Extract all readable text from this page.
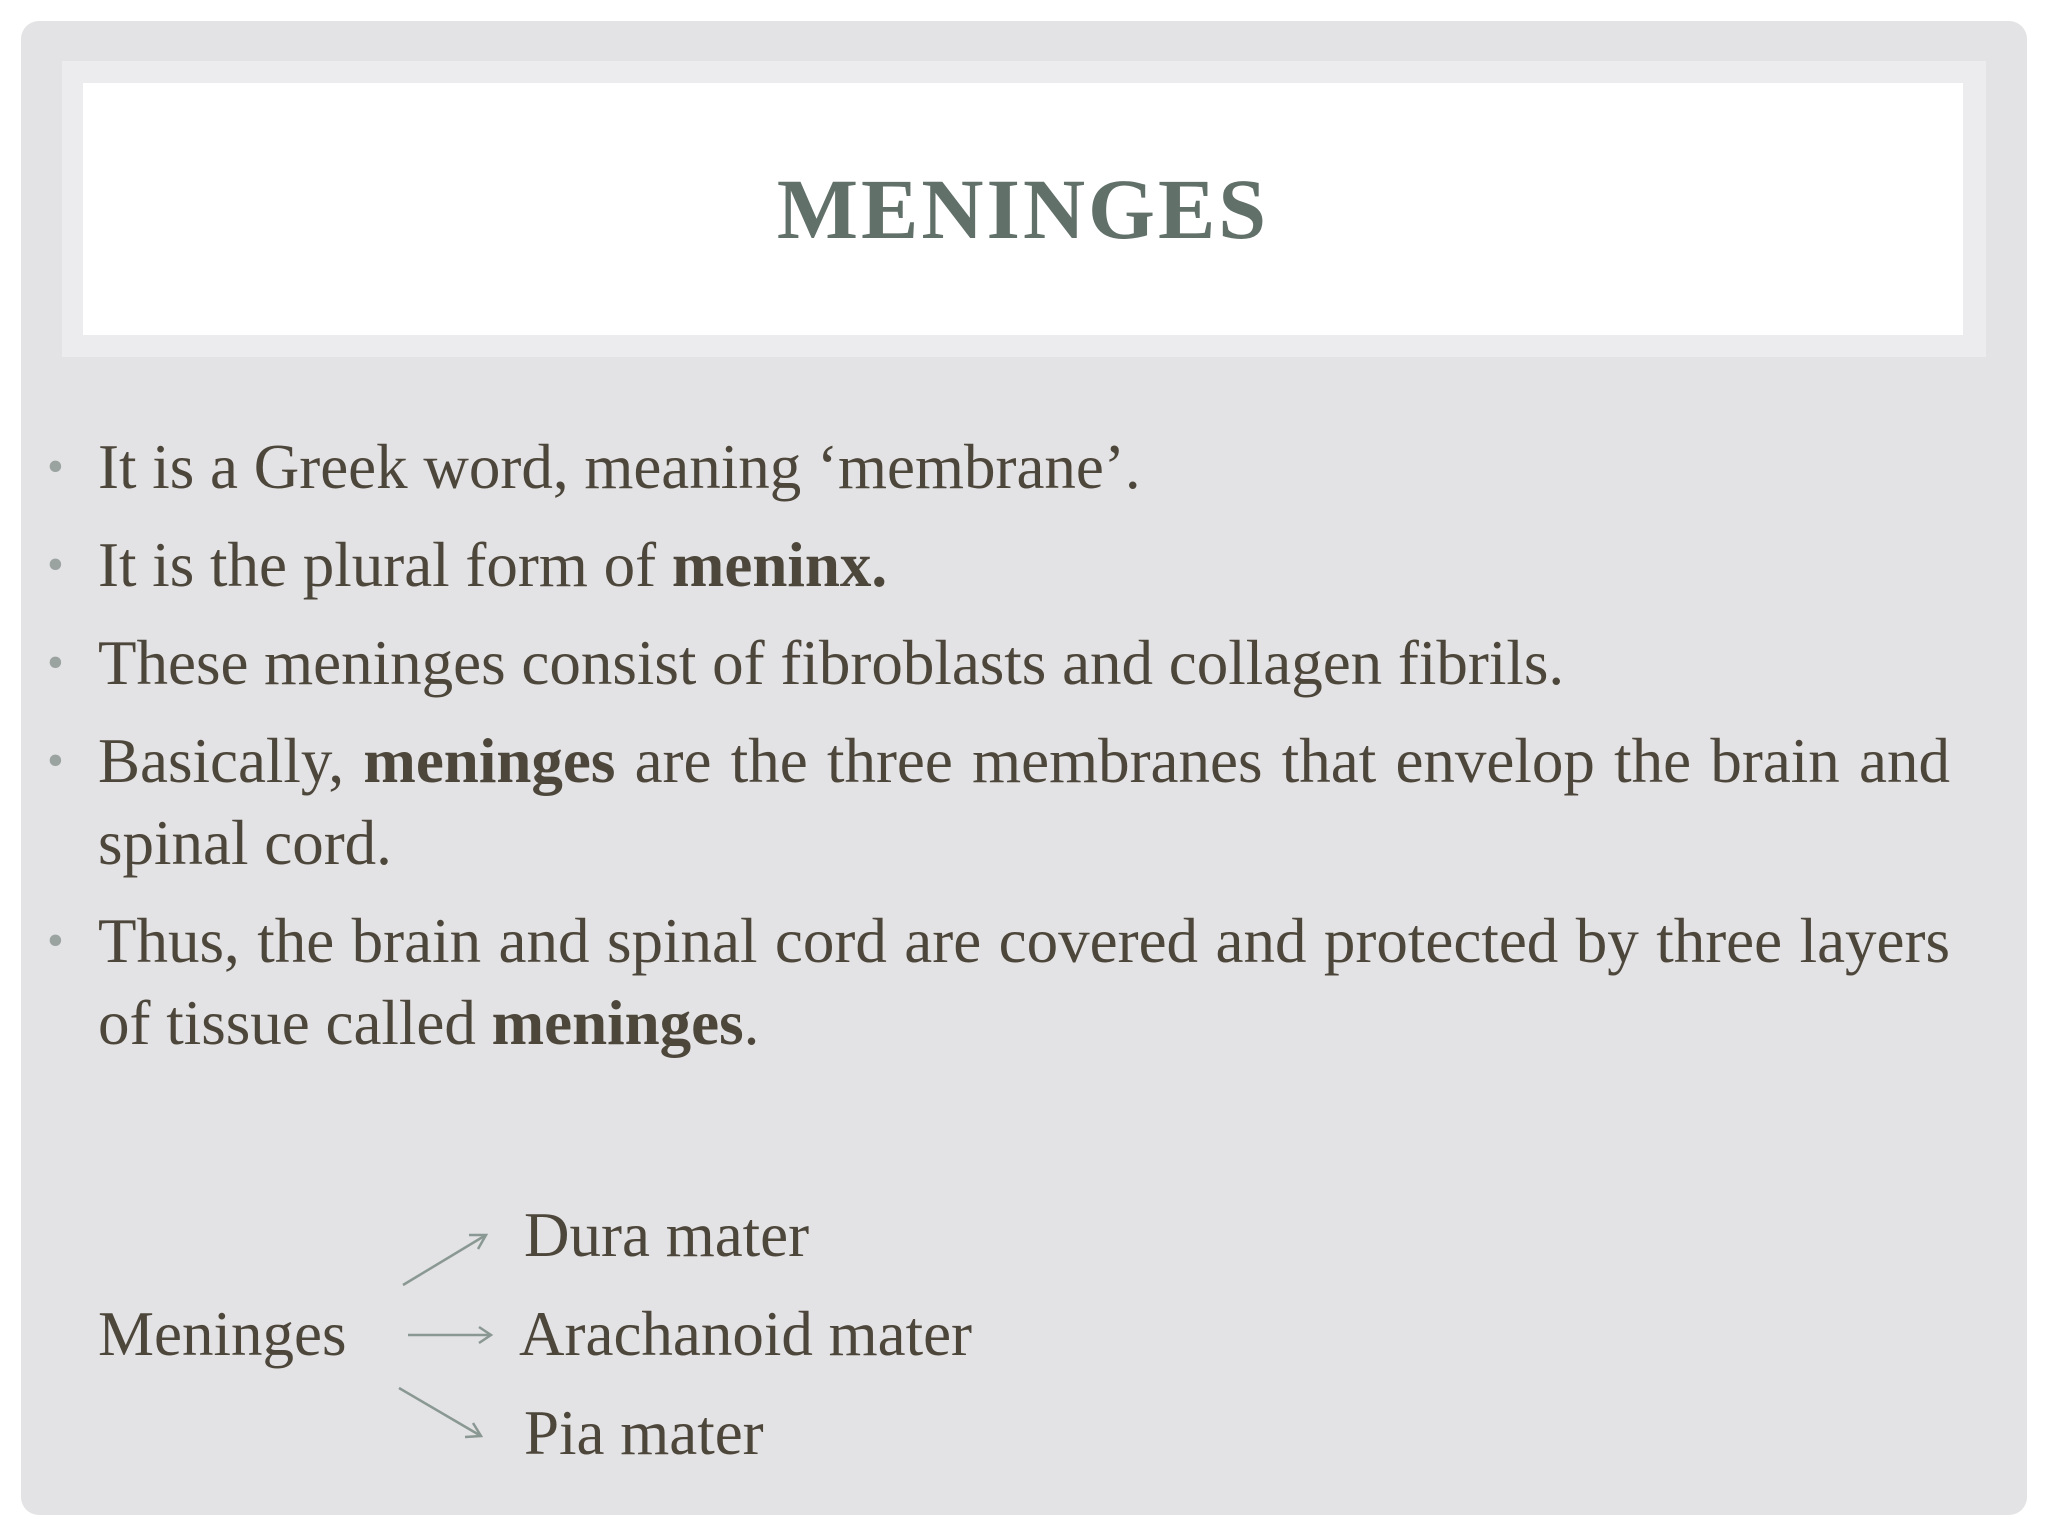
MENINGES
• It is a Greek word, meaning ‘membrane’.
• It is the plural form of meninx.
• These meninges consist of fibroblasts and collagen fibrils.
• Basically, meninges are the three membranes that envelop the brain and spinal cord.
• Thus, the brain and spinal cord are covered and protected by three layers of tissue called meninges.
Meninges
Dura mater
Arachanoid mater
Pia mater
